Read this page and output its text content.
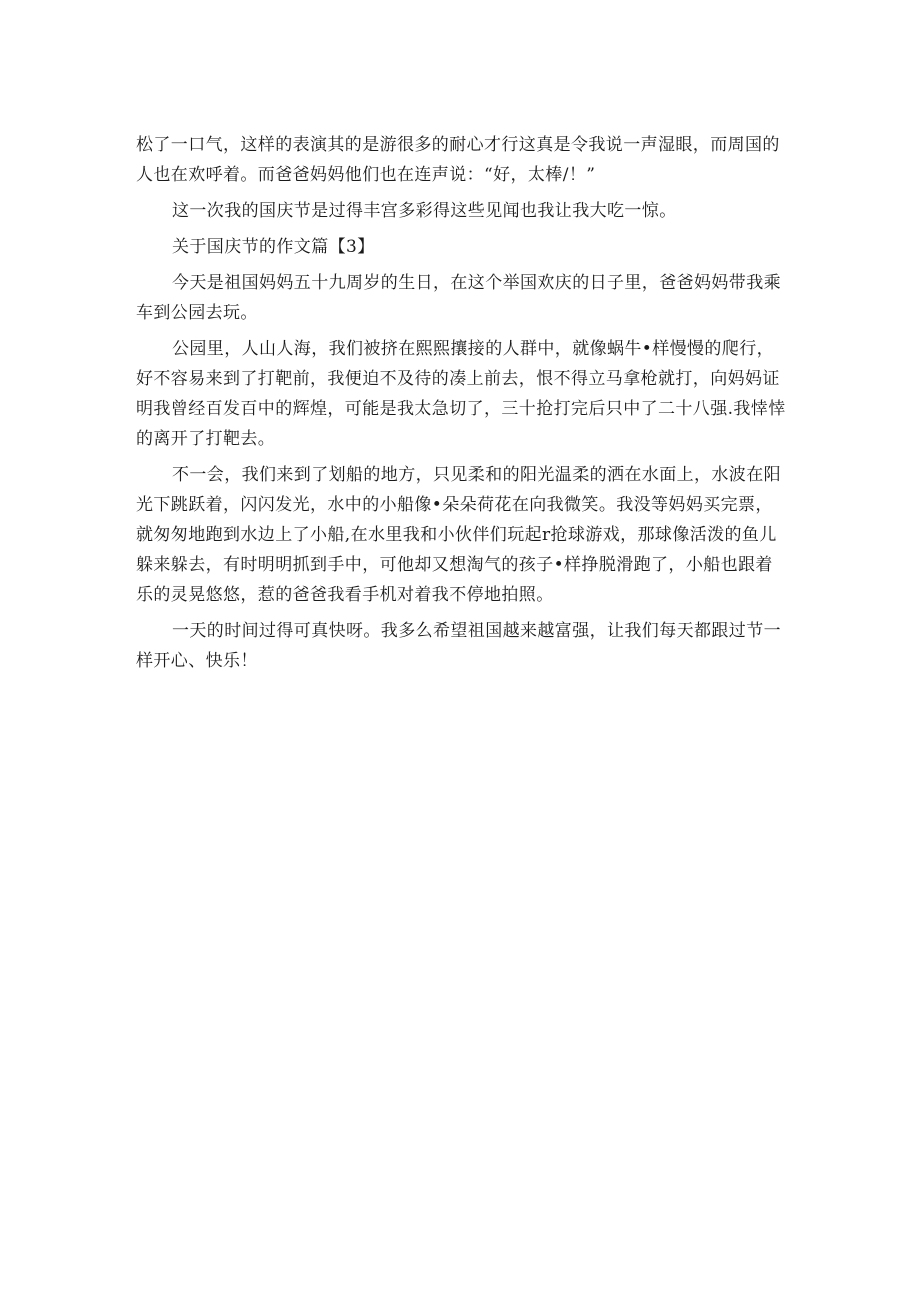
松了一口气，这样的表演其的是游很多的耐心才行这真是令我说一声湿眼，而周国的人也在欢呼着。而爸爸妈妈他们也在连声说：“好，太棒/！”

这一次我的国庆节是过得丰宫多彩得这些见闻也我让我大吃一惊。

关于国庆节的作文篇【3】

今天是祖国妈妈五十九周岁的生日，在这个举国欢庆的日子里，爸爸妈妈带我乘车到公园去玩。

公园里，人山人海，我们被挤在熙熙攘接的人群中，就像蜗牛•样慢慢的爬行，好不容易来到了打靶前，我便迫不及待的凑上前去，恨不得立马拿枪就打，向妈妈证明我曾经百发百中的辉煌，可能是我太急切了，三十抢打完后只中了二十八强.我悻悻的离开了打靶去。

不一会，我们来到了划船的地方，只见柔和的阳光温柔的洒在水面上，水波在阳光下跳跃着，闪闪发光，水中的小船像•朵朵荷花在向我微笑。我没等妈妈买完票，就匆匆地跑到水边上了小船,在水里我和小伙伴们玩起r抢球游戏，那球像活泼的鱼儿躲来躲去，有时明明抓到手中，可他却又想淘气的孩子•样挣脱滑跑了，小船也跟着乐的灵晃悠悠，惹的爸爸我看手机对着我不停地拍照。

一天的时间过得可真快呀。我多么希望祖国越来越富强，让我们每天都跟过节一样开心、快乐！
